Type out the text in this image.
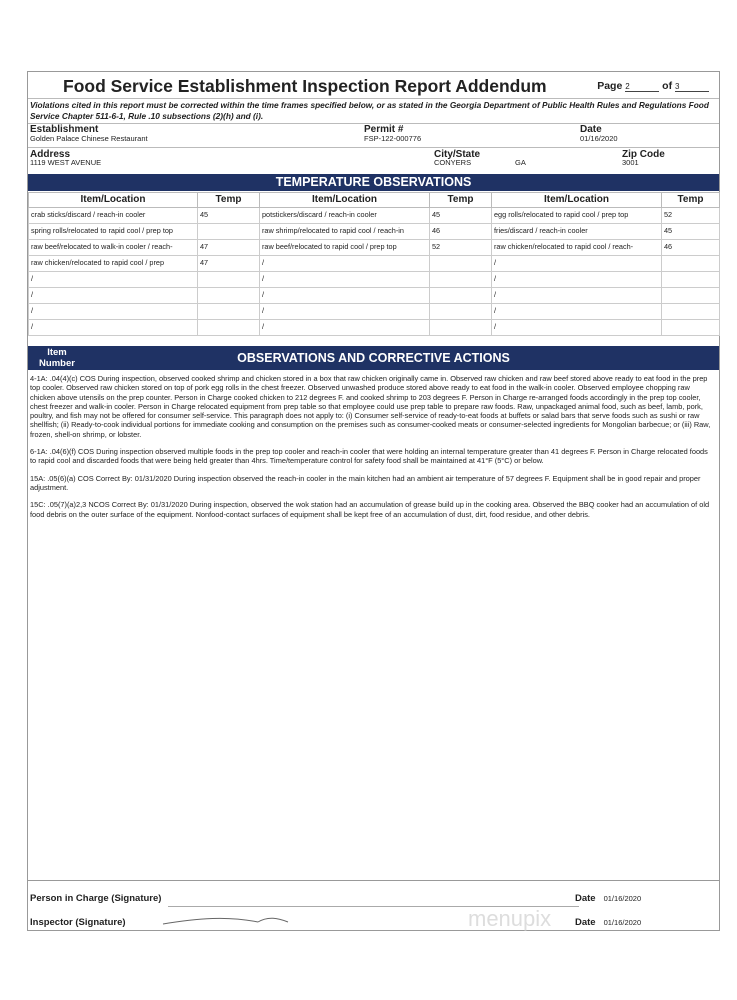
Food Service Establishment Inspection Report Addendum	Page 2	of 3
Violations cited in this report must be corrected within the time frames specified below, or as stated in the Georgia Department of Public Health Rules and Regulations Food Service Chapter 511-6-1, Rule .10 subsections (2)(h) and (i).
Establishment
Golden Palace Chinese Restaurant
Permit #
FSP-122-000776
Date
01/16/2020
Address
1119 WEST AVENUE
City/State
CONYERS	GA
Zip Code
3001
TEMPERATURE OBSERVATIONS
Item/Location	Temp	Item/Location	Temp	Item/Location	Temp
crab sticks/discard / reach-in cooler	45	potstickers/discard / reach-in cooler	45	egg rolls/relocated to rapid cool / prep top	52
spring rolls/relocated to rapid cool / prep top		raw shrimp/relocated to rapid cool / reach-in	46	fries/discard / reach-in cooler	45
raw beef/relocated to walk-in cooler / reach-	47	raw beef/relocated to rapid cool / prep top	52	raw chicken/relocated to rapid cool / reach-	46
raw chicken/relocated to rapid cool / prep	47	/		/	
/		/		/	
/		/		/	
/		/		/	
/		/		/	
Item Number	OBSERVATIONS AND CORRECTIVE ACTIONS

4-1A: .04(4)(c) COS During inspection, observed cooked shrimp and chicken stored in a box that raw chicken originally came in. Observed raw chicken and raw beef stored above ready to eat food in the prep top cooler. Observed raw chicken stored on top of pork egg rolls in the chest freezer. Observed unwashed produce stored above ready to eat food in the walk-in cooler. Observed employee chopping raw chicken above utensils on the prep counter. Person in Charge cooked chicken to 212 degrees F. and cooked shrimp to 203 degrees F. Person in Charge re-arranged foods accordingly in the prep top cooler, chest freezer and walk-in cooler. Person in Charge relocated equipment from prep table so that employee could use prep table to prepare raw foods. Raw, unpackaged animal food, such as beef, lamb, pork, poultry, and fish may not be offered for consumer self-service. This paragraph does not apply to: (i) Consumer self-service of ready-to-eat foods at buffets or salad bars that serve foods such as sushi or raw shellfish; (ii) Ready-to-cook individual portions for immediate cooking and consumption on the premises such as consumer-cooked meats or consumer-selected ingredients for Mongolian barbecue; or (iii) Raw, frozen, shell-on shrimp, or lobster.

6-1A: .04(6)(f) COS During inspection observed multiple foods in the prep top cooler and reach-in cooler that were holding an internal temperature greater than 41 degrees F. Person in Charge relocated foods to rapid cool and discarded foods that were being held greater than 4hrs. Time/temperature control for safety food shall be maintained at 41°F (5°C) or below.

15A: .05(6)(a) COS Correct By: 01/31/2020 During inspection observed the reach-in cooler in the main kitchen had an ambient air temperature of 57 degrees F. Equipment shall be in good repair and proper adjustment.

15C: .05(7)(a)2,3 NCOS Correct By: 01/31/2020 During inspection, observed the wok station had an accumulation of grease build up in the cooking area. Observed the BBQ cooker had an accumulation of old food debris on the outer surface of the equipment. Nonfood-contact surfaces of equipment shall be kept free of an accumulation of dust, dirt, food residue, and other debris.

Person in Charge (Signature)	Date 01/16/2020
Inspector (Signature)	Date 01/16/2020
menupix
